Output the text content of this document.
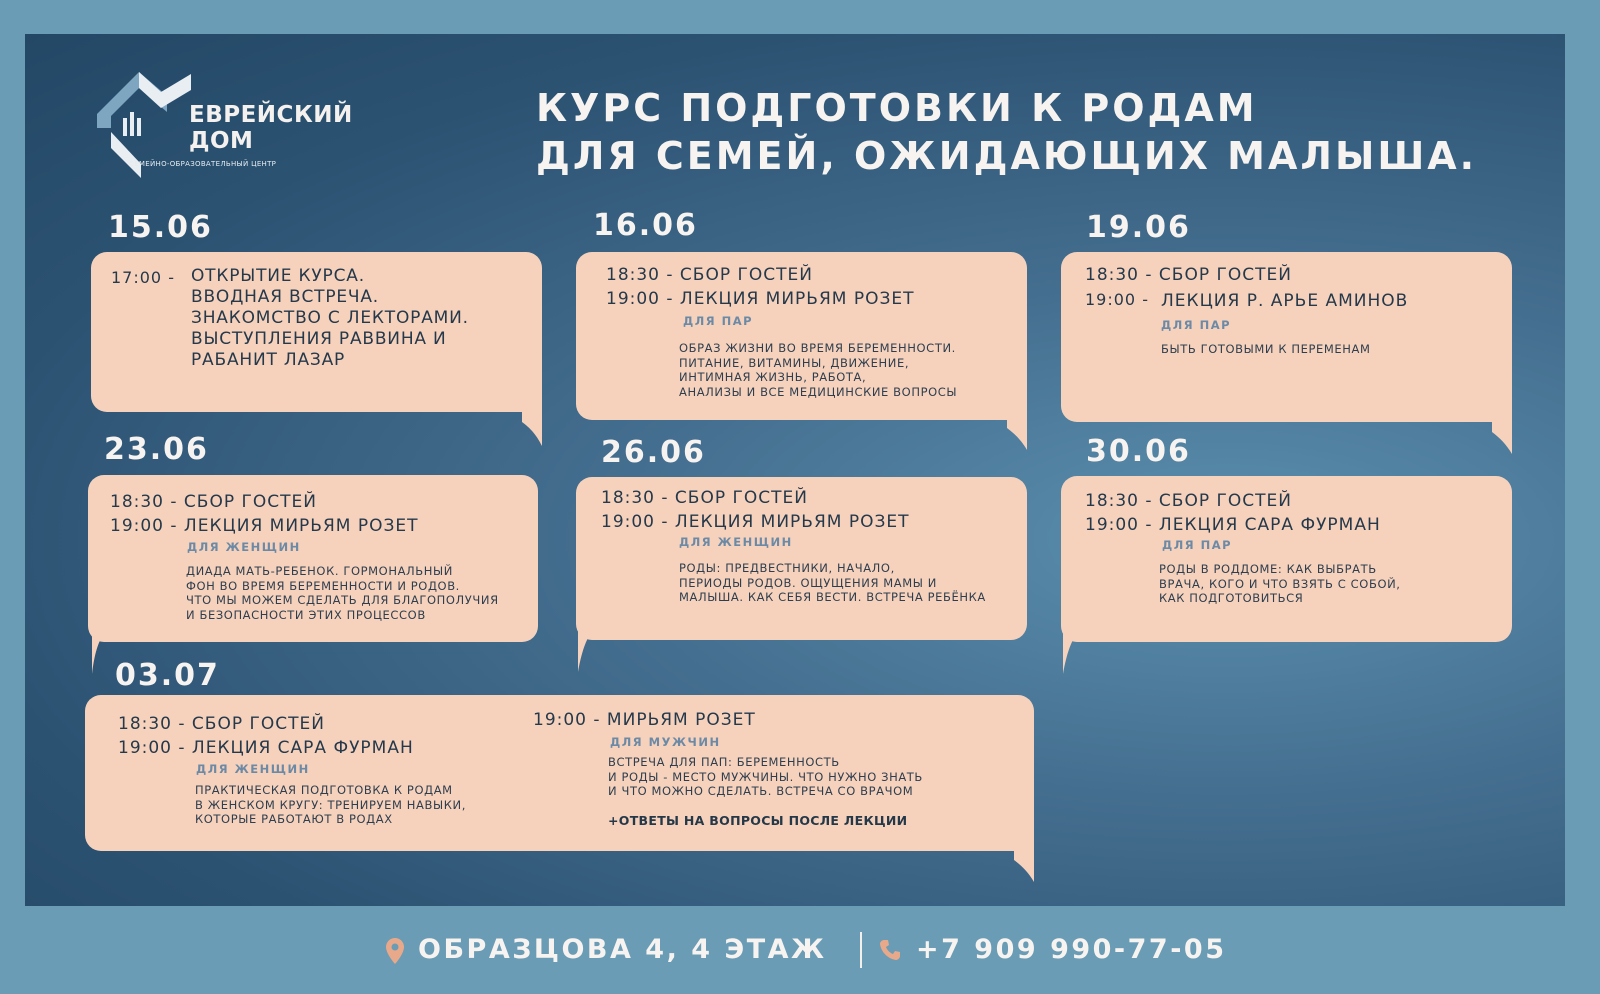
ЕВРЕЙСКИЙ
ДОМ
СЕМЕЙНО-ОБРАЗОВАТЕЛЬНЫЙ ЦЕНТР
КУРС ПОДГОТОВКИ К РОДАМ
ДЛЯ СЕМЕЙ, ОЖИДАЮЩИХ МАЛЫША.
15.06
17:00 - ОТКРЫТИЕ КУРСА.
ВВОДНАЯ ВСТРЕЧА.
ЗНАКОМСТВО С ЛЕКТОРАМИ.
ВЫСТУПЛЕНИЯ РАВВИНА И
РАБАНИТ ЛАЗАР
16.06
18:30 - СБОР ГОСТЕЙ
19:00 - ЛЕКЦИЯ МИРЬЯМ РОЗЕТ
ДЛЯ ПАР
ОБРАЗ ЖИЗНИ ВО ВРЕМЯ БЕРЕМЕННОСТИ.
ПИТАНИЕ, ВИТАМИНЫ, ДВИЖЕНИЕ,
ИНТИМНАЯ ЖИЗНЬ, РАБОТА,
АНАЛИЗЫ И ВСЕ МЕДИЦИНСКИЕ ВОПРОСЫ
19.06
18:30 - СБОР ГОСТЕЙ
19:00 - ЛЕКЦИЯ Р. АРЬЕ АМИНОВ
ДЛЯ ПАР
БЫТЬ ГОТОВЫМИ К ПЕРЕМЕНАМ
23.06
18:30 - СБОР ГОСТЕЙ
19:00 - ЛЕКЦИЯ МИРЬЯМ РОЗЕТ
ДЛЯ ЖЕНЩИН
ДИАДА МАТЬ-РЕБЕНОК. ГОРМОНАЛЬНЫЙ
ФОН ВО ВРЕМЯ БЕРЕМЕННОСТИ И РОДОВ.
ЧТО МЫ МОЖЕМ СДЕЛАТЬ ДЛЯ БЛАГОПОЛУЧИЯ
И БЕЗОПАСНОСТИ ЭТИХ ПРОЦЕССОВ
26.06
18:30 - СБОР ГОСТЕЙ
19:00 - ЛЕКЦИЯ МИРЬЯМ РОЗЕТ
ДЛЯ ЖЕНЩИН
РОДЫ: ПРЕДВЕСТНИКИ, НАЧАЛО,
ПЕРИОДЫ РОДОВ. ОЩУЩЕНИЯ МАМЫ И
МАЛЫША. КАК СЕБЯ ВЕСТИ. ВСТРЕЧА РЕБЁНКА
30.06
18:30 - СБОР ГОСТЕЙ
19:00 - ЛЕКЦИЯ САРА ФУРМАН
ДЛЯ ПАР
РОДЫ В РОДДОМЕ: КАК ВЫБРАТЬ
ВРАЧА, КОГО И ЧТО ВЗЯТЬ С СОБОЙ,
КАК ПОДГОТОВИТЬСЯ
03.07
18:30 - СБОР ГОСТЕЙ
19:00 - ЛЕКЦИЯ САРА ФУРМАН
ДЛЯ ЖЕНЩИН
ПРАКТИЧЕСКАЯ ПОДГОТОВКА К РОДАМ
В ЖЕНСКОМ КРУГУ: ТРЕНИРУЕМ НАВЫКИ,
КОТОРЫЕ РАБОТАЮТ В РОДАХ
19:00 - МИРЬЯМ РОЗЕТ
ДЛЯ МУЖЧИН
ВСТРЕЧА ДЛЯ ПАП: БЕРЕМЕННОСТЬ
И РОДЫ - МЕСТО МУЖЧИНЫ. ЧТО НУЖНО ЗНАТЬ
И ЧТО МОЖНО СДЕЛАТЬ. ВСТРЕЧА СО ВРАЧОМ
+ОТВЕТЫ НА ВОПРОСЫ ПОСЛЕ ЛЕКЦИИ
ОБРАЗЦОВА 4, 4 ЭТАЖ	+7 909 990-77-05
